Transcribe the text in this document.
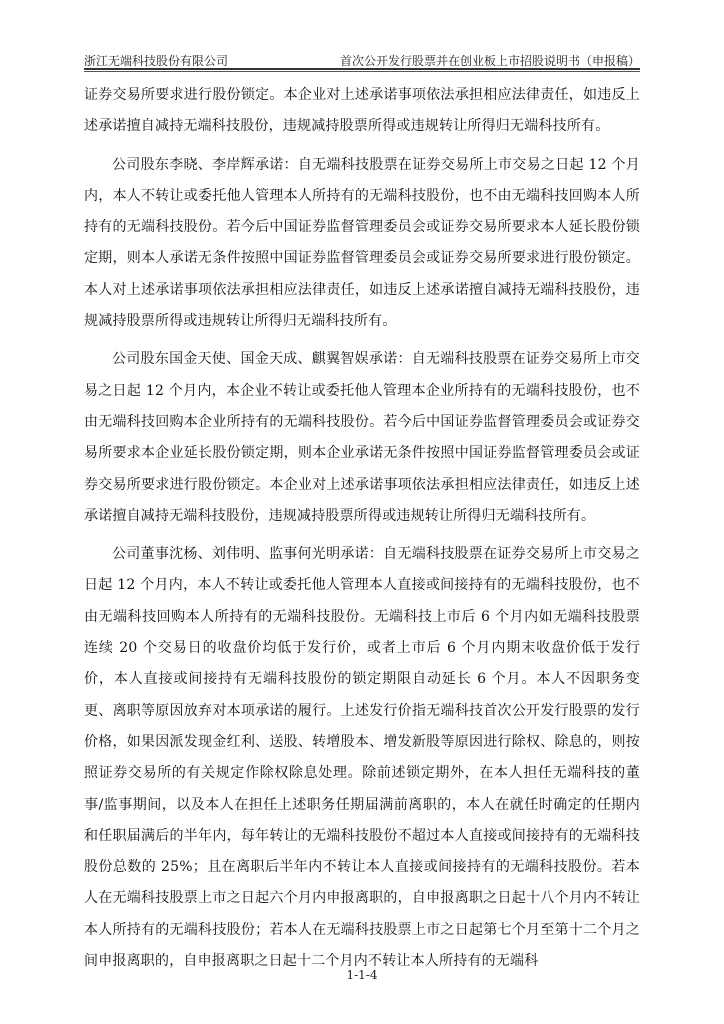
浙江无端科技股份有限公司	首次公开发行股票并在创业板上市招股说明书（申报稿）

证券交易所要求进行股份锁定。本企业对上述承诺事项依法承担相应法律责任，如违反上述承诺擅自减持无端科技股份，违规减持股票所得或违规转让所得归无端科技所有。

公司股东李晓、李岸辉承诺：自无端科技股票在证券交易所上市交易之日起 12 个月内，本人不转让或委托他人管理本人所持有的无端科技股份，也不由无端科技回购本人所持有的无端科技股份。若今后中国证券监督管理委员会或证券交易所要求本人延长股份锁定期，则本人承诺无条件按照中国证券监督管理委员会或证券交易所要求进行股份锁定。本人对上述承诺事项依法承担相应法律责任，如违反上述承诺擅自减持无端科技股份，违规减持股票所得或违规转让所得归无端科技所有。

公司股东国金天使、国金天成、麒翼智娱承诺：自无端科技股票在证券交易所上市交易之日起 12 个月内，本企业不转让或委托他人管理本企业所持有的无端科技股份，也不由无端科技回购本企业所持有的无端科技股份。若今后中国证券监督管理委员会或证券交易所要求本企业延长股份锁定期，则本企业承诺无条件按照中国证券监督管理委员会或证券交易所要求进行股份锁定。本企业对上述承诺事项依法承担相应法律责任，如违反上述承诺擅自减持无端科技股份，违规减持股票所得或违规转让所得归无端科技所有。

公司董事沈杨、刘伟明、监事何光明承诺：自无端科技股票在证券交易所上市交易之日起 12 个月内，本人不转让或委托他人管理本人直接或间接持有的无端科技股份，也不由无端科技回购本人所持有的无端科技股份。无端科技上市后 6 个月内如无端科技股票连续 20 个交易日的收盘价均低于发行价，或者上市后 6 个月内期末收盘价低于发行价，本人直接或间接持有无端科技股份的锁定期限自动延长 6 个月。本人不因职务变更、离职等原因放弃对本项承诺的履行。上述发行价指无端科技首次公开发行股票的发行价格，如果因派发现金红利、送股、转增股本、增发新股等原因进行除权、除息的，则按照证券交易所的有关规定作除权除息处理。除前述锁定期外，在本人担任无端科技的董事/监事期间，以及本人在担任上述职务任期届满前离职的，本人在就任时确定的任期内和任职届满后的半年内，每年转让的无端科技股份不超过本人直接或间接持有的无端科技股份总数的 25%；且在离职后半年内不转让本人直接或间接持有的无端科技股份。若本人在无端科技股票上市之日起六个月内申报离职的，自申报离职之日起十八个月内不转让本人所持有的无端科技股份；若本人在无端科技股票上市之日起第七个月至第十二个月之间申报离职的，自申报离职之日起十二个月内不转让本人所持有的无端科

1-1-4
